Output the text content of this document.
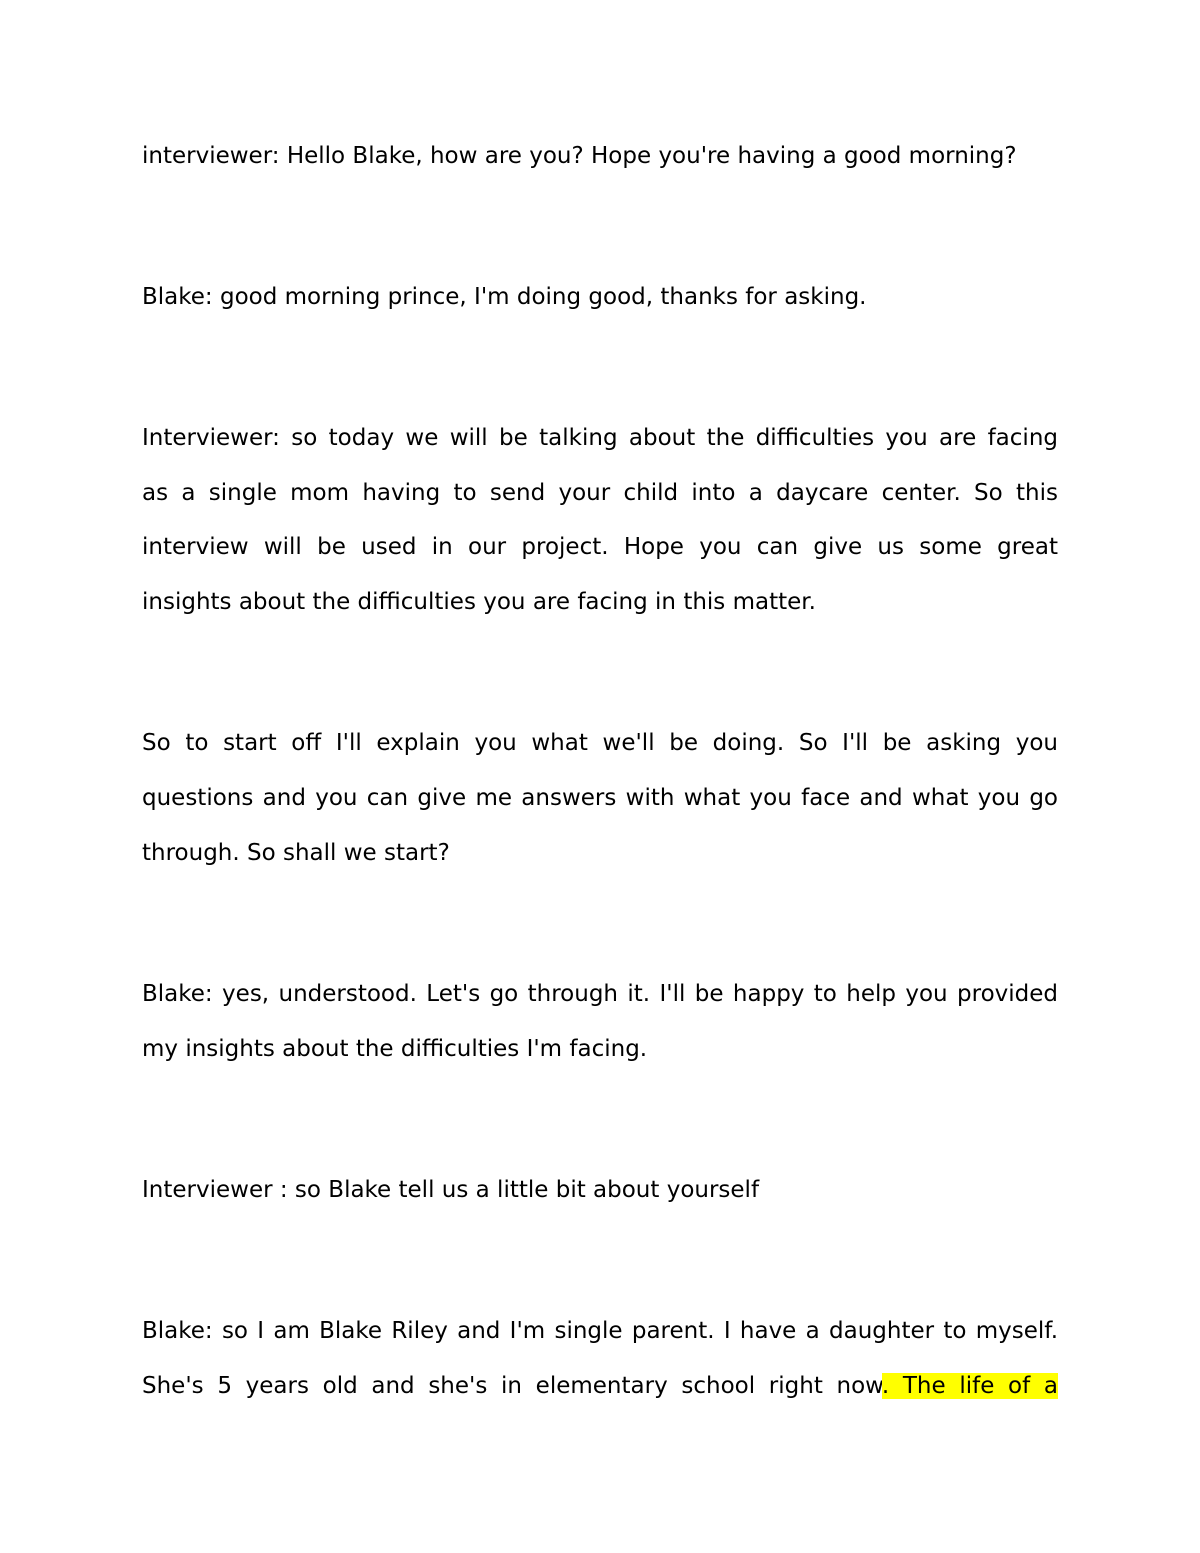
interviewer: Hello Blake, how are you? Hope you're having a good morning?

Blake: good morning prince, I'm doing good, thanks for asking.

Interviewer: so today we will be talking about the difficulties you are facing

as a single mom having to send your child into a daycare center. So this

interview will be used in our project. Hope you can give us some great

insights about the difficulties you are facing in this matter.

So to start off I'll explain you what we'll be doing. So I'll be asking you

questions and you can give me answers with what you face and what you go

through. So shall we start?

Blake: yes, understood. Let's go through it. I'll be happy to help you provided

my insights about the difficulties I'm facing.

Interviewer : so Blake tell us a little bit about yourself

Blake: so I am Blake Riley and I'm single parent. I have a daughter to myself.

She's 5 years old and she's in elementary school right now. The life of a
